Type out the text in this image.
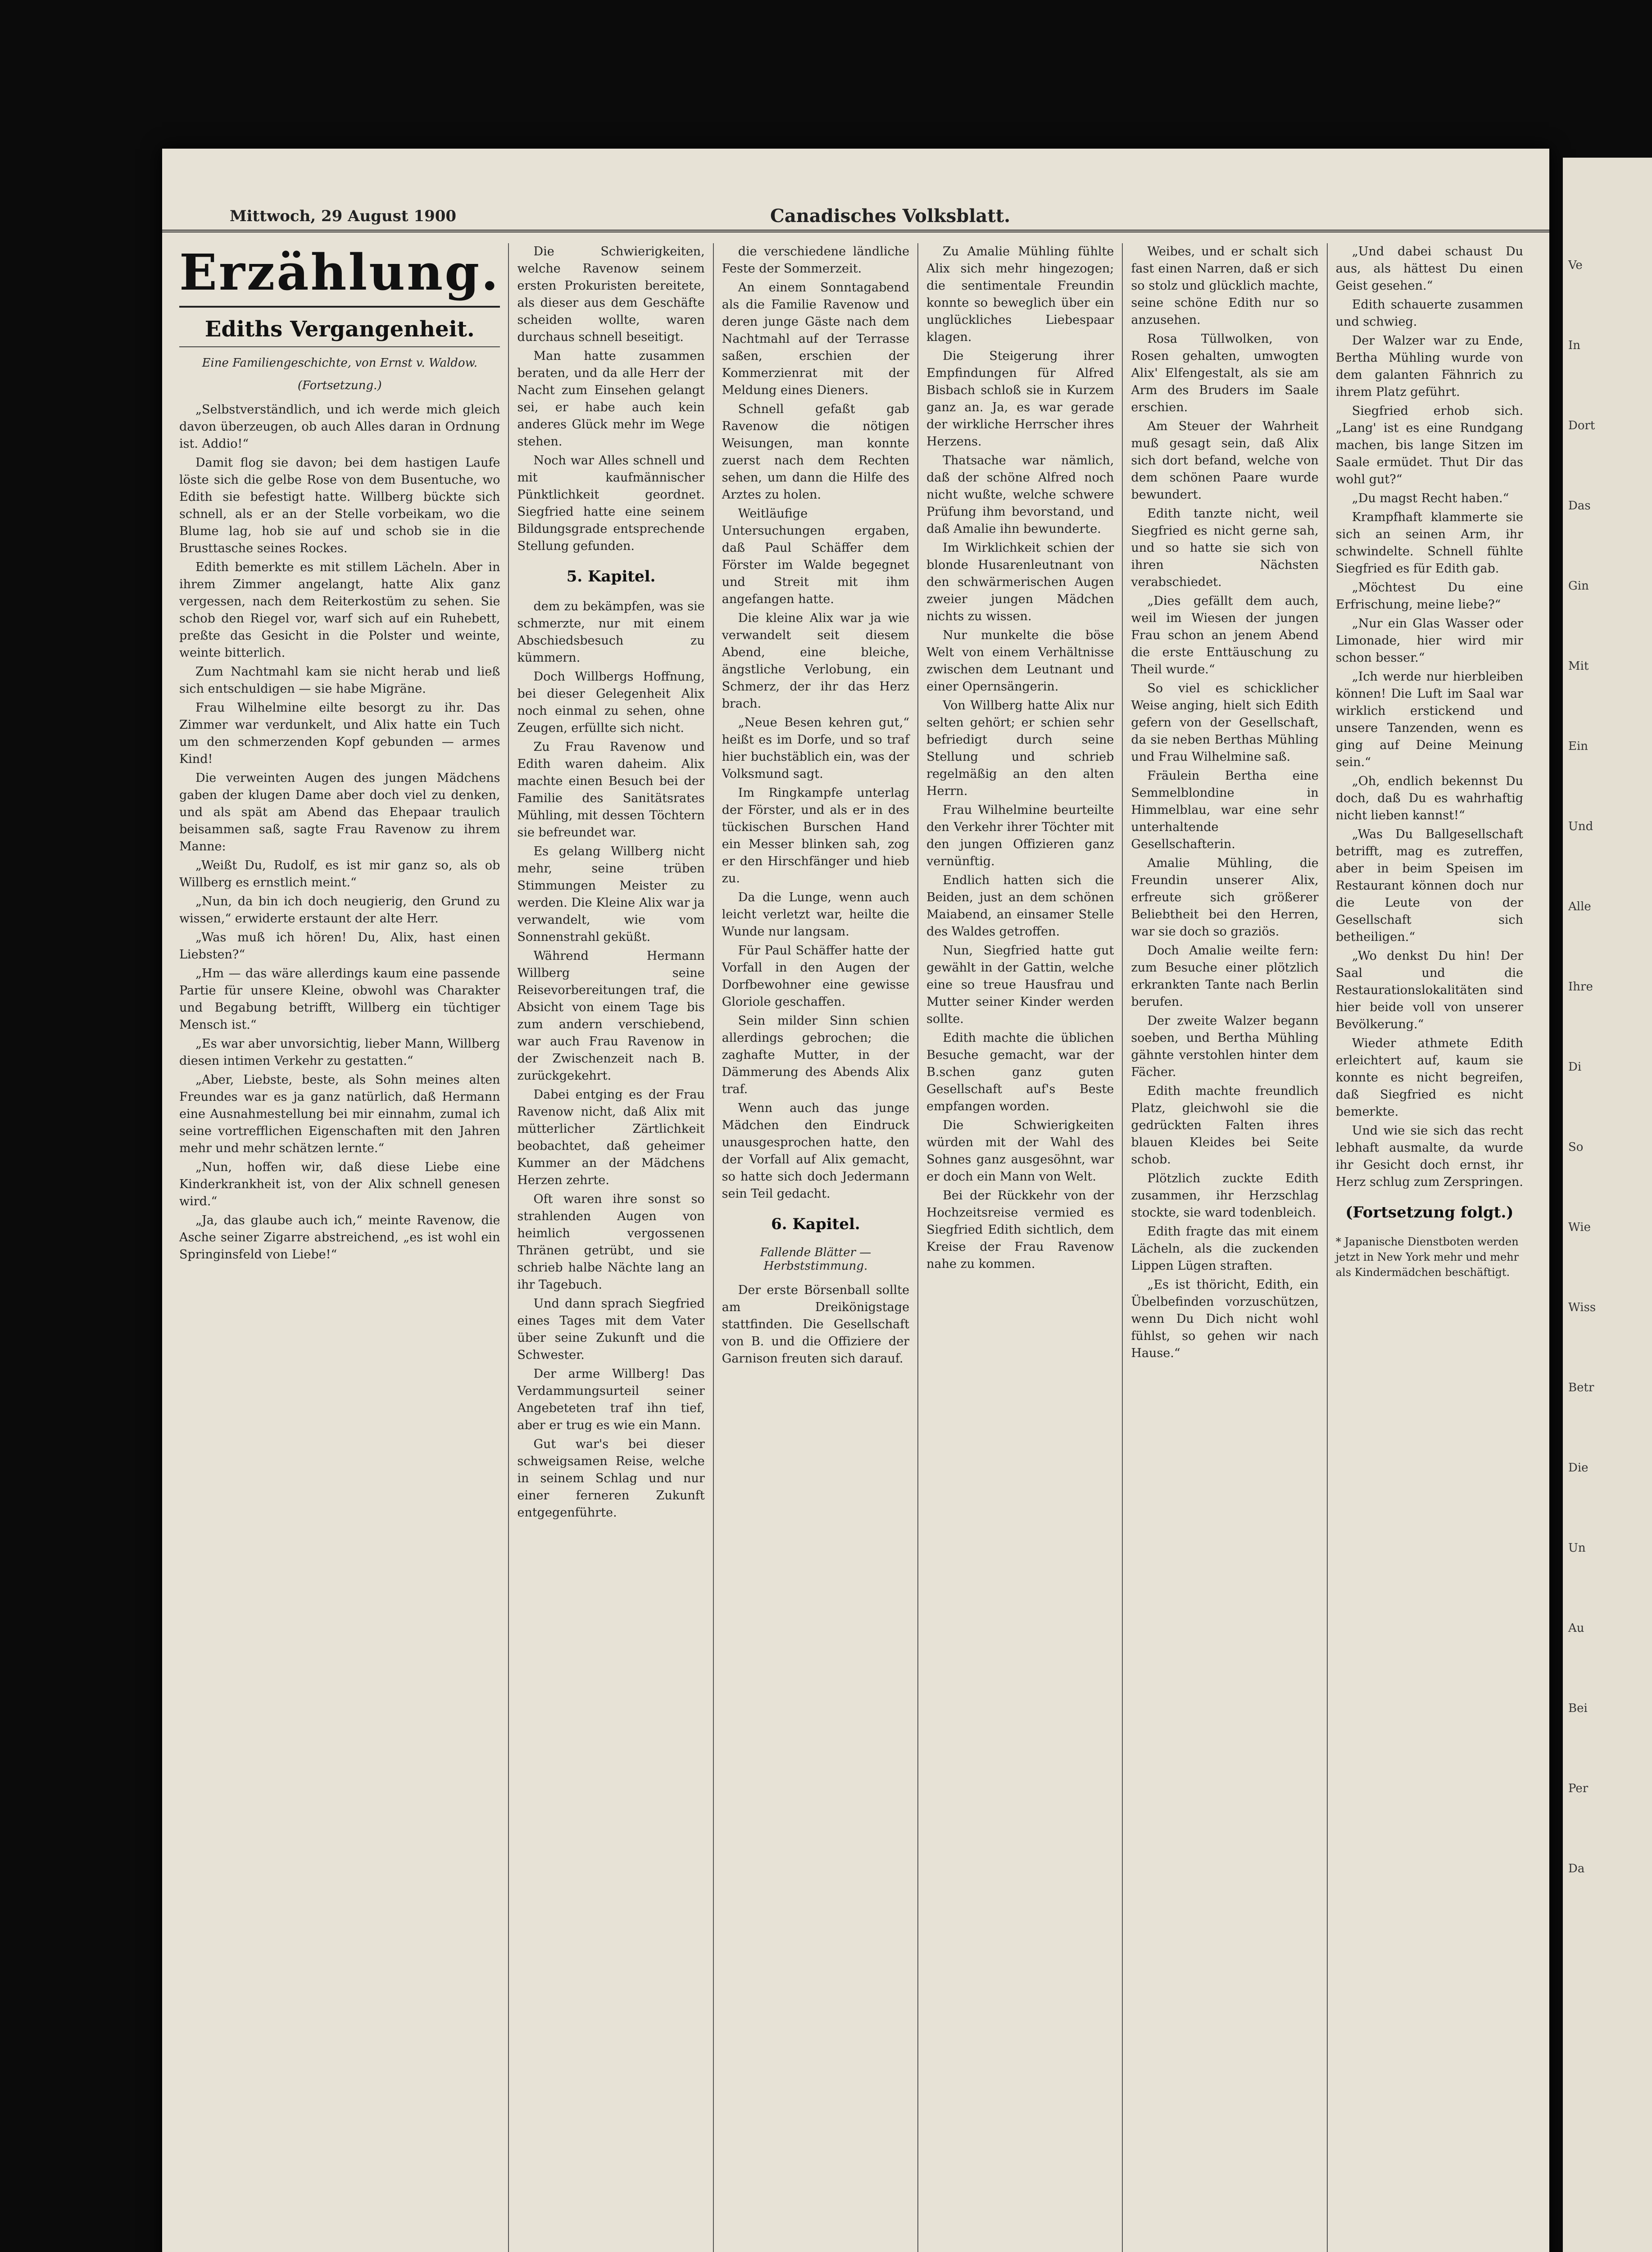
Mittwoch, 29 August 1900	Canadisches Volksblatt.
Erzählung.
Ediths Vergangenheit.
Eine Familiengeschichte, von Ernst v. Waldow.
(Fortsetzung.)

„Selbstverständlich, und ich werde mich gleich davon überzeugen, ob auch Alles daran in Ordnung ist. Addio!“

Damit flog sie davon; bei dem hastigen Laufe löste sich die gelbe Rose von dem Busentuche, wo Edith sie befestigt hatte. Willberg bückte sich schnell, als er an der Stelle vorbeikam, wo die Blume lag, hob sie auf und schob sie in die Brusttasche seines Rockes.

Edith bemerkte es mit stillem Lächeln. Aber in ihrem Zimmer angelangt, hatte Alix ganz vergessen, nach dem Reiterkostüm zu sehen. Sie schob den Riegel vor, warf sich auf ein Ruhebett, preßte das Gesicht in die Polster und weinte, weinte bitterlich.

Zum Nachtmahl kam sie nicht herab und ließ sich entschuldigen — sie habe Migräne.

Frau Wilhelmine eilte besorgt zu ihr. Das Zimmer war verdunkelt, und Alix hatte ein Tuch um den schmerzenden Kopf gebunden — armes Kind!

Die verweinten Augen des jungen Mädchens gaben der klugen Dame aber doch viel zu denken, und als spät am Abend das Ehepaar traulich beisammen saß, sagte Frau Ravenow zu ihrem Manne:

„Weißt Du, Rudolf, es ist mir ganz so, als ob Willberg es ernstlich meint.“

„Nun, da bin ich doch neugierig, den Grund zu wissen,“ erwiderte erstaunt der alte Herr.

„Was muß ich hören! Du, Alix, hast einen Liebsten?“

„Hm — das wäre allerdings kaum eine passende Partie für unsere Kleine, obwohl was Charakter und Begabung betrifft, Willberg ein tüchtiger Mensch ist.“

„Es war aber unvorsichtig, lieber Mann, Willberg diesen intimen Verkehr zu gestatten.“

„Aber, Liebste, beste, als Sohn meines alten Freundes war es ja ganz natürlich, daß Hermann eine Ausnahmestellung bei mir einnahm, zumal ich seine vortrefflichen Eigenschaften mit den Jahren mehr und mehr schätzen lernte.“

„Nun, hoffen wir, daß diese Liebe eine Kinderkrankheit ist, von der Alix schnell genesen wird.“

„Ja, das glaube auch ich,“ meinte Ravenow, die Asche seiner Zigarre abstreichend, „es ist wohl ein Springinsfeld von Liebe!“

Die Schwierigkeiten, welche Ravenow seinem ersten Prokuristen bereitete, als dieser aus dem Geschäfte scheiden wollte, waren durchaus schnell beseitigt.

Man hatte zusammen beraten, und da alle Herr der Nacht zum Einsehen gelangt sei, er habe auch kein anderes Glück mehr im Wege stehen.

Noch war Alles schnell und mit kaufmännischer Pünktlichkeit geordnet. Siegfried hatte eine seinem Bildungsgrade entsprechende Stellung gefunden.

5. Kapitel.

dem zu bekämpfen, was sie schmerzte, nur mit einem Abschiedsbesuch zu kümmern.

Doch Willbergs Hoffnung, bei dieser Gelegenheit Alix noch einmal zu sehen, ohne Zeugen, erfüllte sich nicht.

Zu Frau Ravenow und Edith waren daheim. Alix machte einen Besuch bei der Familie des Sanitätsrates Mühling, mit dessen Töchtern sie befreundet war.

Es gelang Willberg nicht mehr, seine trüben Stimmungen Meister zu werden. Die Kleine Alix war ja verwandelt, wie vom Sonnenstrahl geküßt.

Während Hermann Willberg seine Reisevorbereitungen traf, die Absicht von einem Tage bis zum andern verschiebend, war auch Frau Ravenow in der Zwischenzeit nach B. zurückgekehrt.

Dabei entging es der Frau Ravenow nicht, daß Alix mit mütterlicher Zärtlichkeit beobachtet, daß geheimer Kummer an der Mädchens Herzen zehrte.

Oft waren ihre sonst so strahlenden Augen von heimlich vergossenen Thränen getrübt, und sie schrieb halbe Nächte lang an ihr Tagebuch.

Und dann sprach Siegfried eines Tages mit dem Vater über seine Zukunft und die Schwester.

Der arme Willberg! Das Verdammungsurteil seiner Angebeteten traf ihn tief, aber er trug es wie ein Mann.

Gut war's bei dieser schweigsamen Reise, welche in seinem Schlag und nur einer ferneren Zukunft entgegenführte.

die verschiedene ländliche Feste der Sommerzeit.

An einem Sonntagabend als die Familie Ravenow und deren junge Gäste nach dem Nachtmahl auf der Terrasse saßen, erschien der Kommerzienrat mit der Meldung eines Dieners.

Schnell gefaßt gab Ravenow die nötigen Weisungen, man konnte zuerst nach dem Rechten sehen, um dann die Hilfe des Arztes zu holen.

Weitläufige Untersuchungen ergaben, daß Paul Schäffer dem Förster im Walde begegnet und Streit mit ihm angefangen hatte.

Die kleine Alix war ja wie verwandelt seit diesem Abend, eine bleiche, ängstliche Verlobung, ein Schmerz, der ihr das Herz brach.

„Neue Besen kehren gut,“ heißt es im Dorfe, und so traf hier buchstäblich ein, was der Volksmund sagt.

Im Ringkampfe unterlag der Förster, und als er in des tückischen Burschen Hand ein Messer blinken sah, zog er den Hirschfänger und hieb zu.

Da die Lunge, wenn auch leicht verletzt war, heilte die Wunde nur langsam.

Für Paul Schäffer hatte der Vorfall in den Augen der Dorfbewohner eine gewisse Gloriole geschaffen.

Sein milder Sinn schien allerdings gebrochen; die zaghafte Mutter, in der Dämmerung des Abends Alix traf.

Wenn auch das junge Mädchen den Eindruck unausgesprochen hatte, den der Vorfall auf Alix gemacht, so hatte sich doch Jedermann sein Teil gedacht.

6. Kapitel.
Fallende Blätter — Herbststimmung.

Der erste Börsenball sollte am Dreikönigstage stattfinden. Die Gesellschaft von B. und die Offiziere der Garnison freuten sich darauf.

Zu Amalie Mühling fühlte Alix sich mehr hingezogen; die sentimentale Freundin konnte so beweglich über ein unglückliches Liebespaar klagen.

Die Steigerung ihrer Empfindungen für Alfred Bisbach schloß sie in Kurzem ganz an. Ja, es war gerade der wirkliche Herrscher ihres Herzens.

Thatsache war nämlich, daß der schöne Alfred noch nicht wußte, welche schwere Prüfung ihm bevorstand, und daß Amalie ihn bewunderte.

Im Wirklichkeit schien der blonde Husarenleutnant von den schwärmerischen Augen zweier jungen Mädchen nichts zu wissen.

Nur munkelte die böse Welt von einem Verhältnisse zwischen dem Leutnant und einer Opernsängerin.

Von Willberg hatte Alix nur selten gehört; er schien sehr befriedigt durch seine Stellung und schrieb regelmäßig an den alten Herrn.

Frau Wilhelmine beurteilte den Verkehr ihrer Töchter mit den jungen Offizieren ganz vernünftig.

Endlich hatten sich die Beiden, just an dem schönen Maiabend, an einsamer Stelle des Waldes getroffen.

Nun, Siegfried hatte gut gewählt in der Gattin, welche eine so treue Hausfrau und Mutter seiner Kinder werden sollte.

Edith machte die üblichen Besuche gemacht, war der B.schen ganz guten Gesellschaft auf's Beste empfangen worden.

Die Schwierigkeiten würden mit der Wahl des Sohnes ganz ausgesöhnt, war er doch ein Mann von Welt.

Bei der Rückkehr von der Hochzeitsreise vermied es Siegfried Edith sichtlich, dem Kreise der Frau Ravenow nahe zu kommen.

Weibes, und er schalt sich fast einen Narren, daß er sich so stolz und glücklich machte, seine schöne Edith nur so anzusehen.

Rosa Tüllwolken, von Rosen gehalten, umwogten Alix' Elfengestalt, als sie am Arm des Bruders im Saale erschien.

Am Steuer der Wahrheit muß gesagt sein, daß Alix sich dort befand, welche von dem schönen Paare wurde bewundert.

Edith tanzte nicht, weil Siegfried es nicht gerne sah, und so hatte sie sich von ihren Nächsten verabschiedet.

„Dies gefällt dem auch, weil im Wiesen der jungen Frau schon an jenem Abend die erste Enttäuschung zu Theil wurde.“

So viel es schicklicher Weise anging, hielt sich Edith gefern von der Gesellschaft, da sie neben Berthas Mühling und Frau Wilhelmine saß.

Fräulein Bertha eine Semmelblondine in Himmelblau, war eine sehr unterhaltende Gesellschafterin.

Amalie Mühling, die Freundin unserer Alix, erfreute sich größerer Beliebtheit bei den Herren, war sie doch so graziös.

Doch Amalie weilte fern: zum Besuche einer plötzlich erkrankten Tante nach Berlin berufen.

Der zweite Walzer begann soeben, und Bertha Mühling gähnte verstohlen hinter dem Fächer.

Edith machte freundlich Platz, gleichwohl sie die gedrückten Falten ihres blauen Kleides bei Seite schob.

Plötzlich zuckte Edith zusammen, ihr Herzschlag stockte, sie ward todenbleich.

Edith fragte das mit einem Lächeln, als die zuckenden Lippen Lügen straften.

„Es ist thöricht, Edith, ein Übelbefinden vorzuschützen, wenn Du Dich nicht wohl fühlst, so gehen wir nach Hause.“

„Und dabei schaust Du aus, als hättest Du einen Geist gesehen.“

Edith schauerte zusammen und schwieg.

Der Walzer war zu Ende, Bertha Mühling wurde von dem galanten Fähnrich zu ihrem Platz geführt.

Siegfried erhob sich. „Lang' ist es eine Rundgang machen, bis lange Sitzen im Saale ermüdet. Thut Dir das wohl gut?“

„Du magst Recht haben.“

Krampfhaft klammerte sie sich an seinen Arm, ihr schwindelte. Schnell fühlte Siegfried es für Edith gab.

„Möchtest Du eine Erfrischung, meine liebe?“

„Nur ein Glas Wasser oder Limonade, hier wird mir schon besser.“

„Ich werde nur hierbleiben können! Die Luft im Saal war wirklich erstickend und unsere Tanzenden, wenn es ging auf Deine Meinung sein.“

„Oh, endlich bekennst Du doch, daß Du es wahrhaftig nicht lieben kannst!“

„Was Du Ballgesellschaft betrifft, mag es zutreffen, aber in beim Speisen im Restaurant können doch nur die Leute von der Gesellschaft sich betheiligen.“

„Wo denkst Du hin! Der Saal und die Restaurationslokalitäten sind hier beide voll von unserer Bevölkerung.“

Wieder athmete Edith erleichtert auf, kaum sie konnte es nicht begreifen, daß Siegfried es nicht bemerkte.

Und wie sie sich das recht lebhaft ausmalte, da wurde ihr Gesicht doch ernst, ihr Herz schlug zum Zerspringen.

(Fortsetzung folgt.)
* Japanische Dienstboten werden jetzt in New York mehr und mehr als Kindermädchen beschäftigt.
Ve
In
Dort
Das
Gin
Mit
Ein
Und
Alle
Ihre
Di
So
Wie
Wiss
Betr
Die
Un
Au
Bei
Per
Da
